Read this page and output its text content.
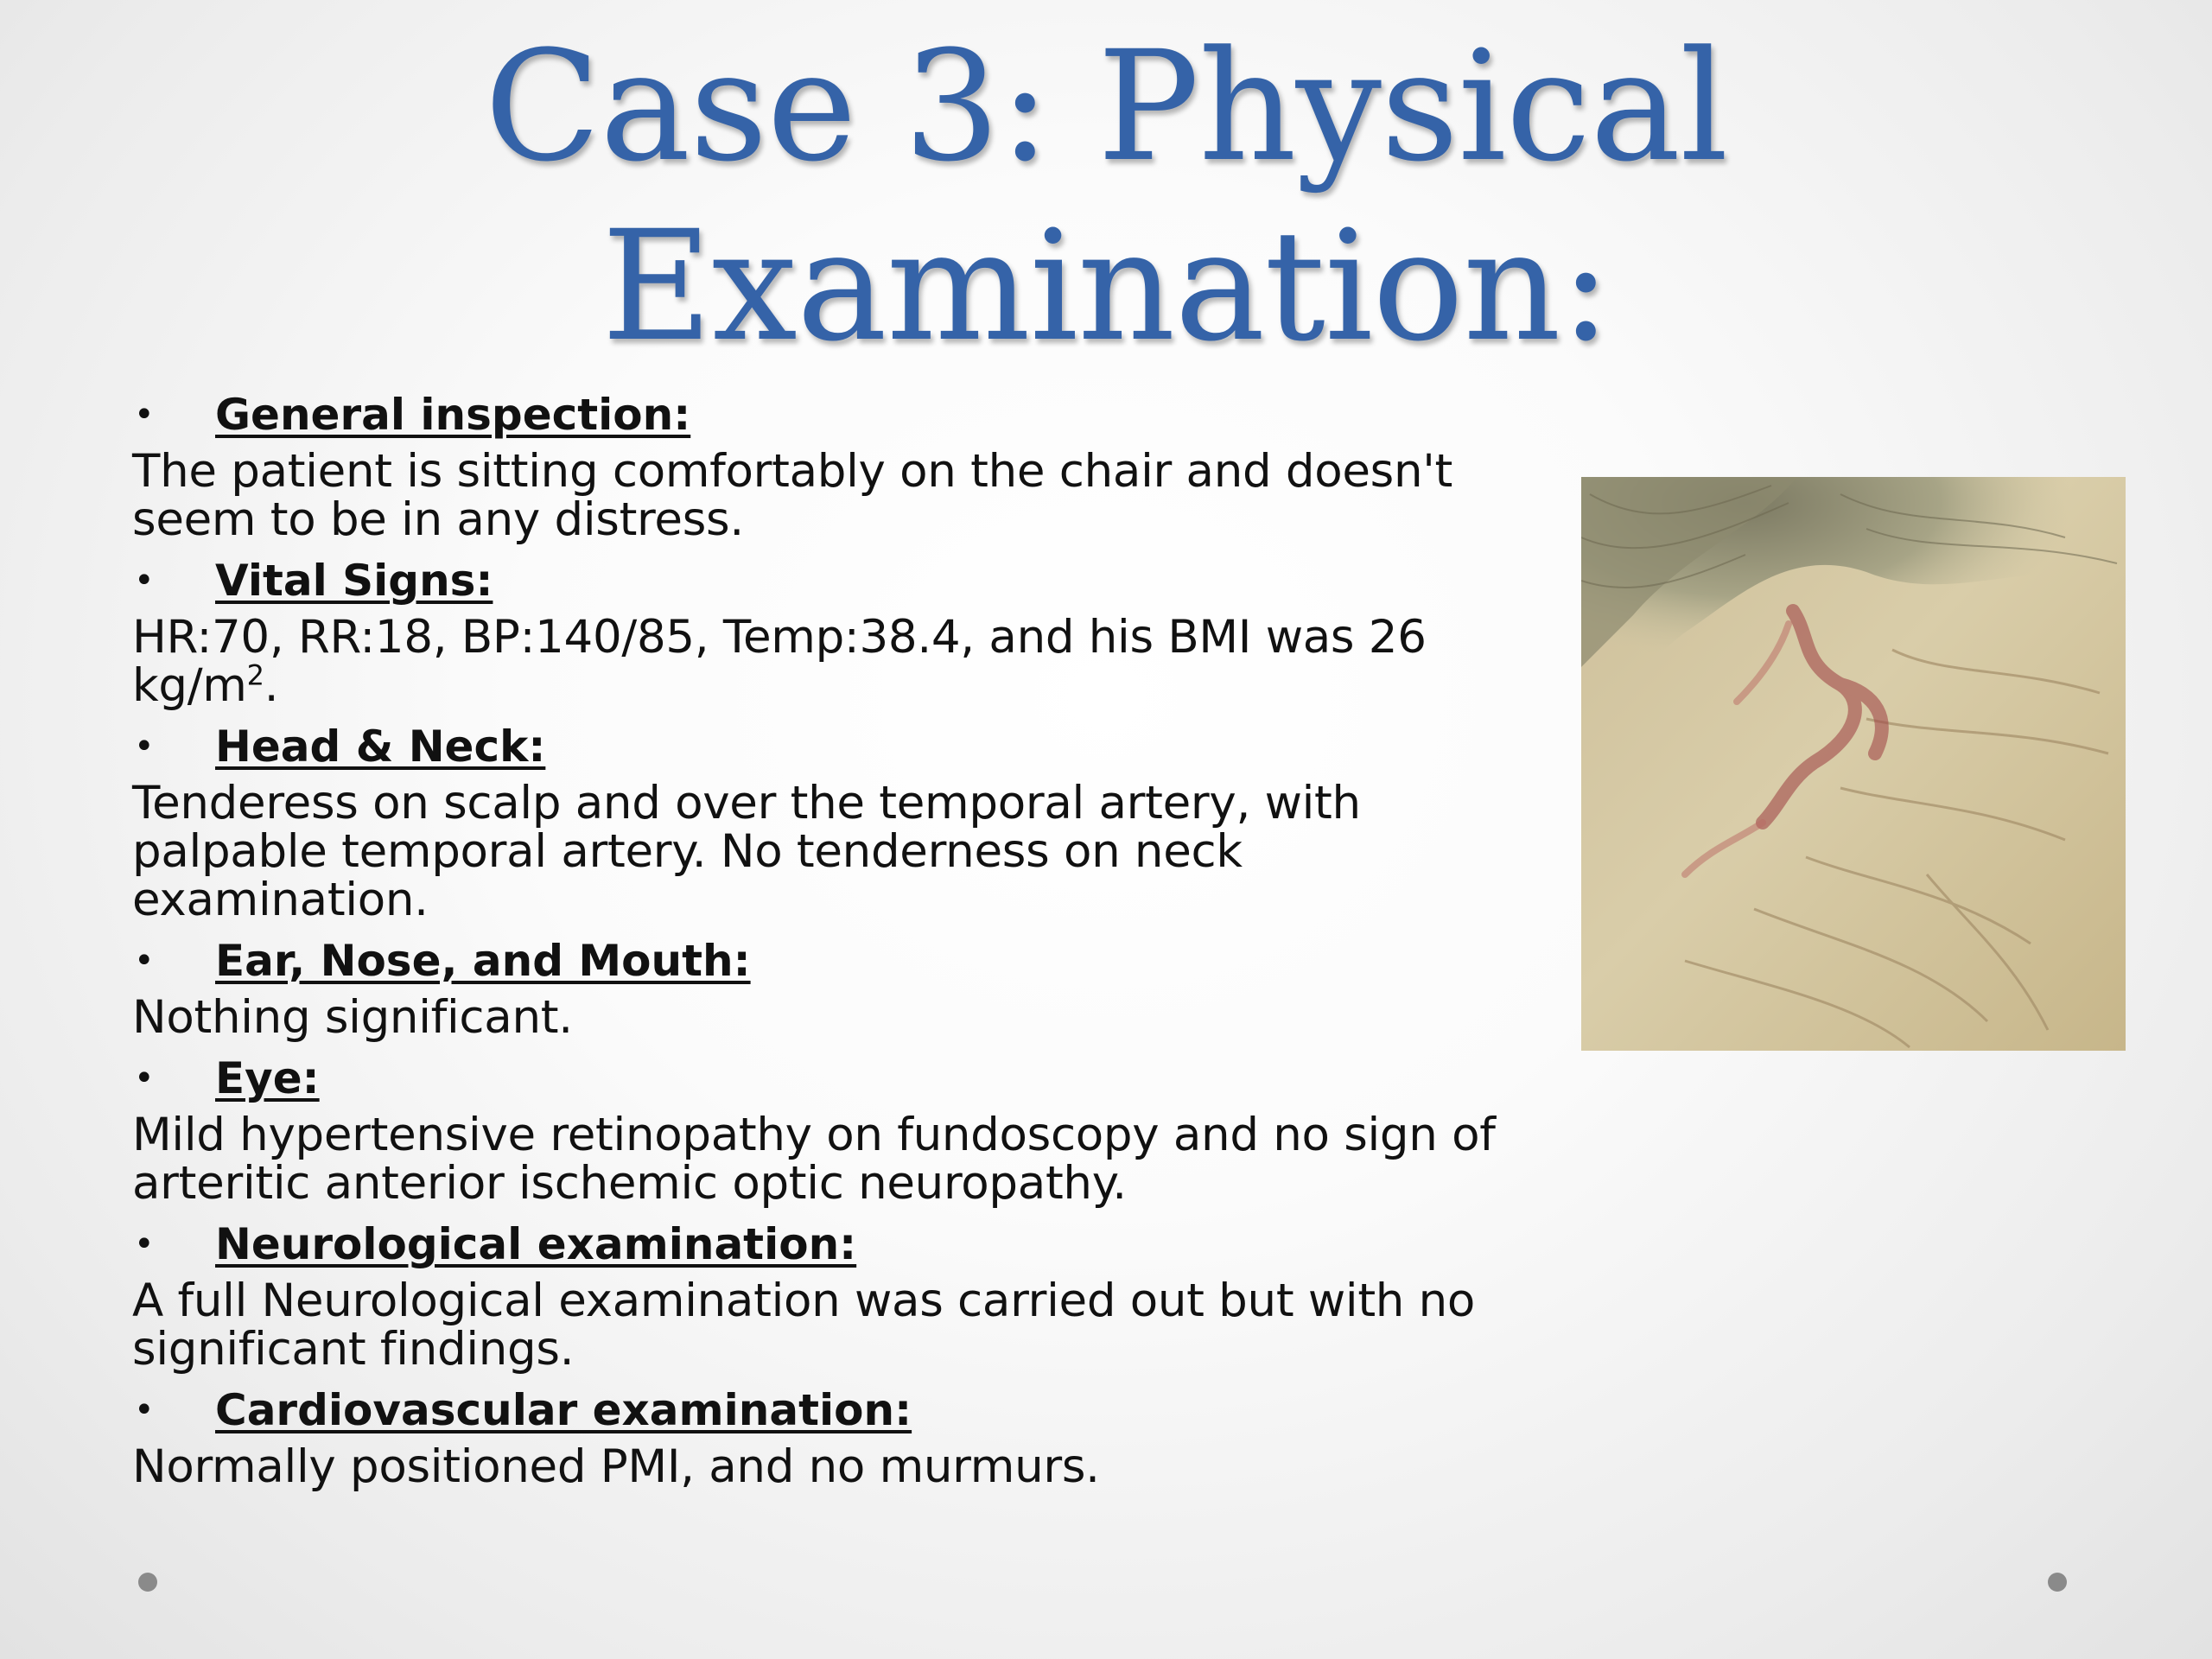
Case 3: Physical
Examination:

• General inspection:

The patient is sitting comfortably on the chair and doesn't seem to be in any distress.

• Vital Signs:

HR:70, RR:18, BP:140/85, Temp:38.4, and his BMI was 26 $kg/m^2$.

• Head & Neck:

Tenderess on scalp and over the temporal artery, with palpable temporal artery. No tenderness on neck examination.

• Ear, Nose, and Mouth:

Nothing significant.

• Eye:

Mild hypertensive retinopathy on fundoscopy and no sign of arteritic anterior ischemic optic neuropathy.

• Neurological examination:

A full Neurological examination was carried out but with no significant findings.

• Cardiovascular examination:

Normally positioned PMI, and no murmurs.
